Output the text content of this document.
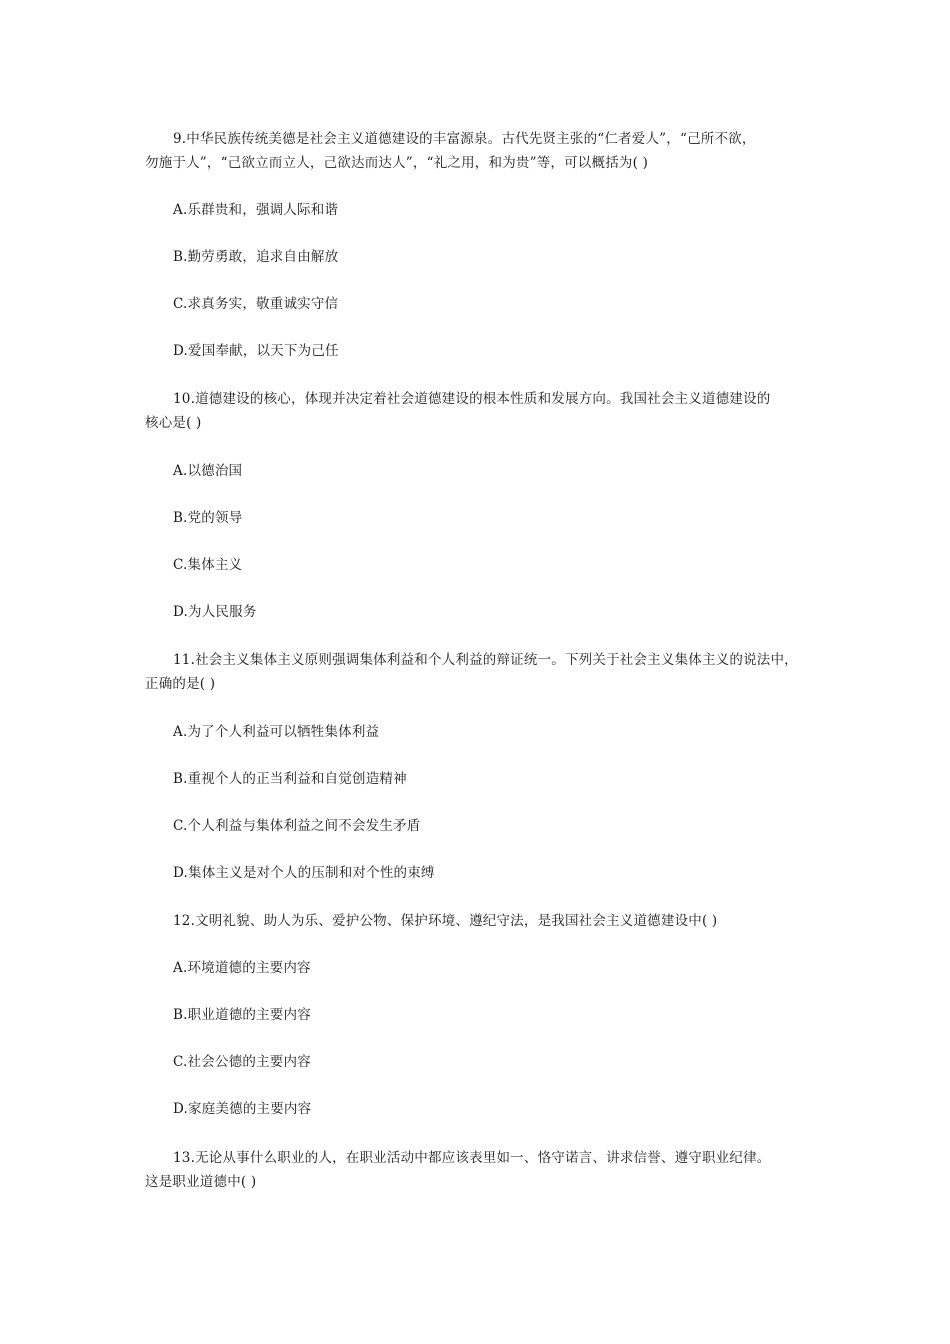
9.中华民族传统美德是社会主义道德建设的丰富源泉。古代先贤主张的“仁者爱人”，“己所不欲，
勿施于人”，“己欲立而立人，己欲达而达人”，“礼之用，和为贵”等，可以概括为( )
A.乐群贵和，强调人际和谐
B.勤劳勇敢，追求自由解放
C.求真务实，敬重诚实守信
D.爱国奉献，以天下为己任
10.道德建设的核心，体现并决定着社会道德建设的根本性质和发展方向。我国社会主义道德建设的
核心是( )
A.以德治国
B.党的领导
C.集体主义
D.为人民服务
11.社会主义集体主义原则强调集体利益和个人利益的辩证统一。下列关于社会主义集体主义的说法中，
正确的是( )
A.为了个人利益可以牺牲集体利益
B.重视个人的正当利益和自觉创造精神
C.个人利益与集体利益之间不会发生矛盾
D.集体主义是对个人的压制和对个性的束缚
12.文明礼貌、助人为乐、爱护公物、保护环境、遵纪守法，是我国社会主义道德建设中( )
A.环境道德的主要内容
B.职业道德的主要内容
C.社会公德的主要内容
D.家庭美德的主要内容
13.无论从事什么职业的人，在职业活动中都应该表里如一、恪守诺言、讲求信誉、遵守职业纪律。
这是职业道德中( )
